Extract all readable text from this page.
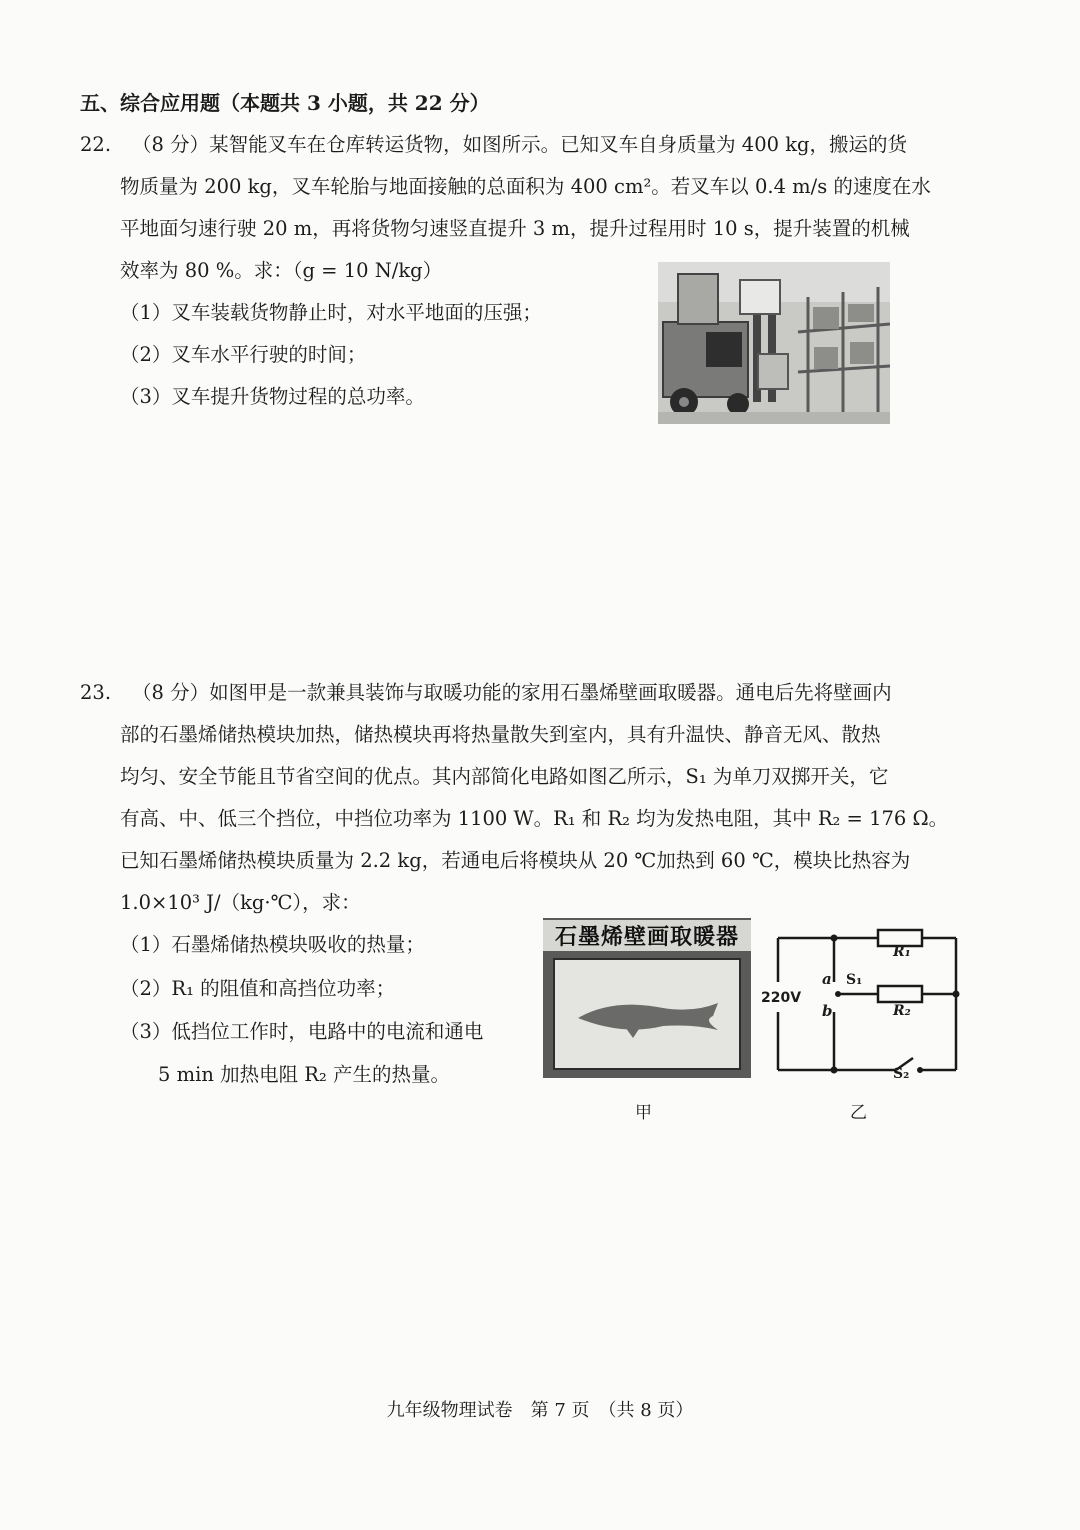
五、综合应用题（本题共 3 小题，共 22 分）
22. （8 分）某智能叉车在仓库转运货物，如图所示。已知叉车自身质量为 400 kg，搬运的货
物质量为 200 kg，叉车轮胎与地面接触的总面积为 400 cm²。若叉车以 0.4 m/s 的速度在水
平地面匀速行驶 20 m，再将货物匀速竖直提升 3 m，提升过程用时 10 s，提升装置的机械
效率为 80 %。求：（g = 10 N/kg）
（1）叉车装载货物静止时，对水平地面的压强；
（2）叉车水平行驶的时间；
（3）叉车提升货物过程的总功率。
23. （8 分）如图甲是一款兼具装饰与取暖功能的家用石墨烯壁画取暖器。通电后先将壁画内
部的石墨烯储热模块加热，储热模块再将热量散失到室内，具有升温快、静音无风、散热
均匀、安全节能且节省空间的优点。其内部简化电路如图乙所示，S₁ 为单刀双掷开关，它
有高、中、低三个挡位，中挡位功率为 1100 W。R₁ 和 R₂ 均为发热电阻，其中 R₂ = 176 Ω。
已知石墨烯储热模块质量为 2.2 kg，若通电后将模块从 20 ℃加热到 60 ℃，模块比热容为
1.0×10³ J/（kg·℃），求：
（1）石墨烯储热模块吸收的热量；
（2）R₁ 的阻值和高挡位功率；
（3）低挡位工作时，电路中的电流和通电
5 min 加热电阻 R₂ 产生的热量。
石墨烯壁画取暖器
甲
220V
R₁
R₂
S₁
S₂
a
b
乙
九年级物理试卷　第 7 页　（共 8 页）
